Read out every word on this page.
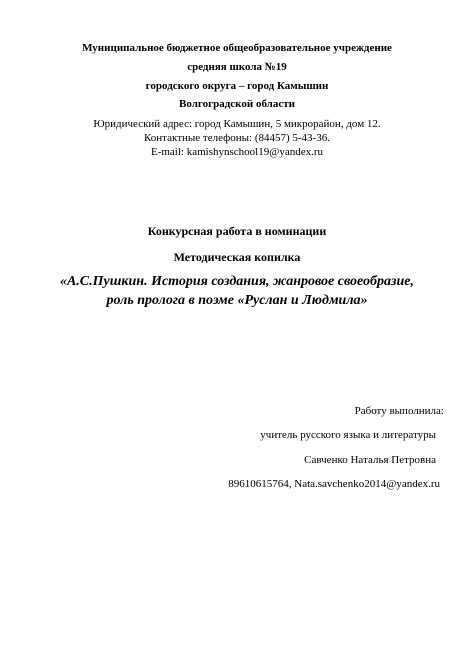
Муниципальное бюджетное общеобразовательное учреждение
средняя школа №19
городского округа – город Камышин
Волгоградской области
Юридический адрес: город Камышин, 5 микрорайон, дом 12.
Контактные телефоны: (84457) 5-43-36.
E-mail: kamishynschool19@yandex.ru
Конкурсная работа в номинации
Методическая копилка
«А.С.Пушкин. История создания, жанровое своеобразие,
роль пролога в поэме «Руслан и Людмила»
Работу выполнила:
учитель русского языка и литературы
Савченко Наталья Петровна
89610615764, Nata.savchenko2014@yandex.ru
